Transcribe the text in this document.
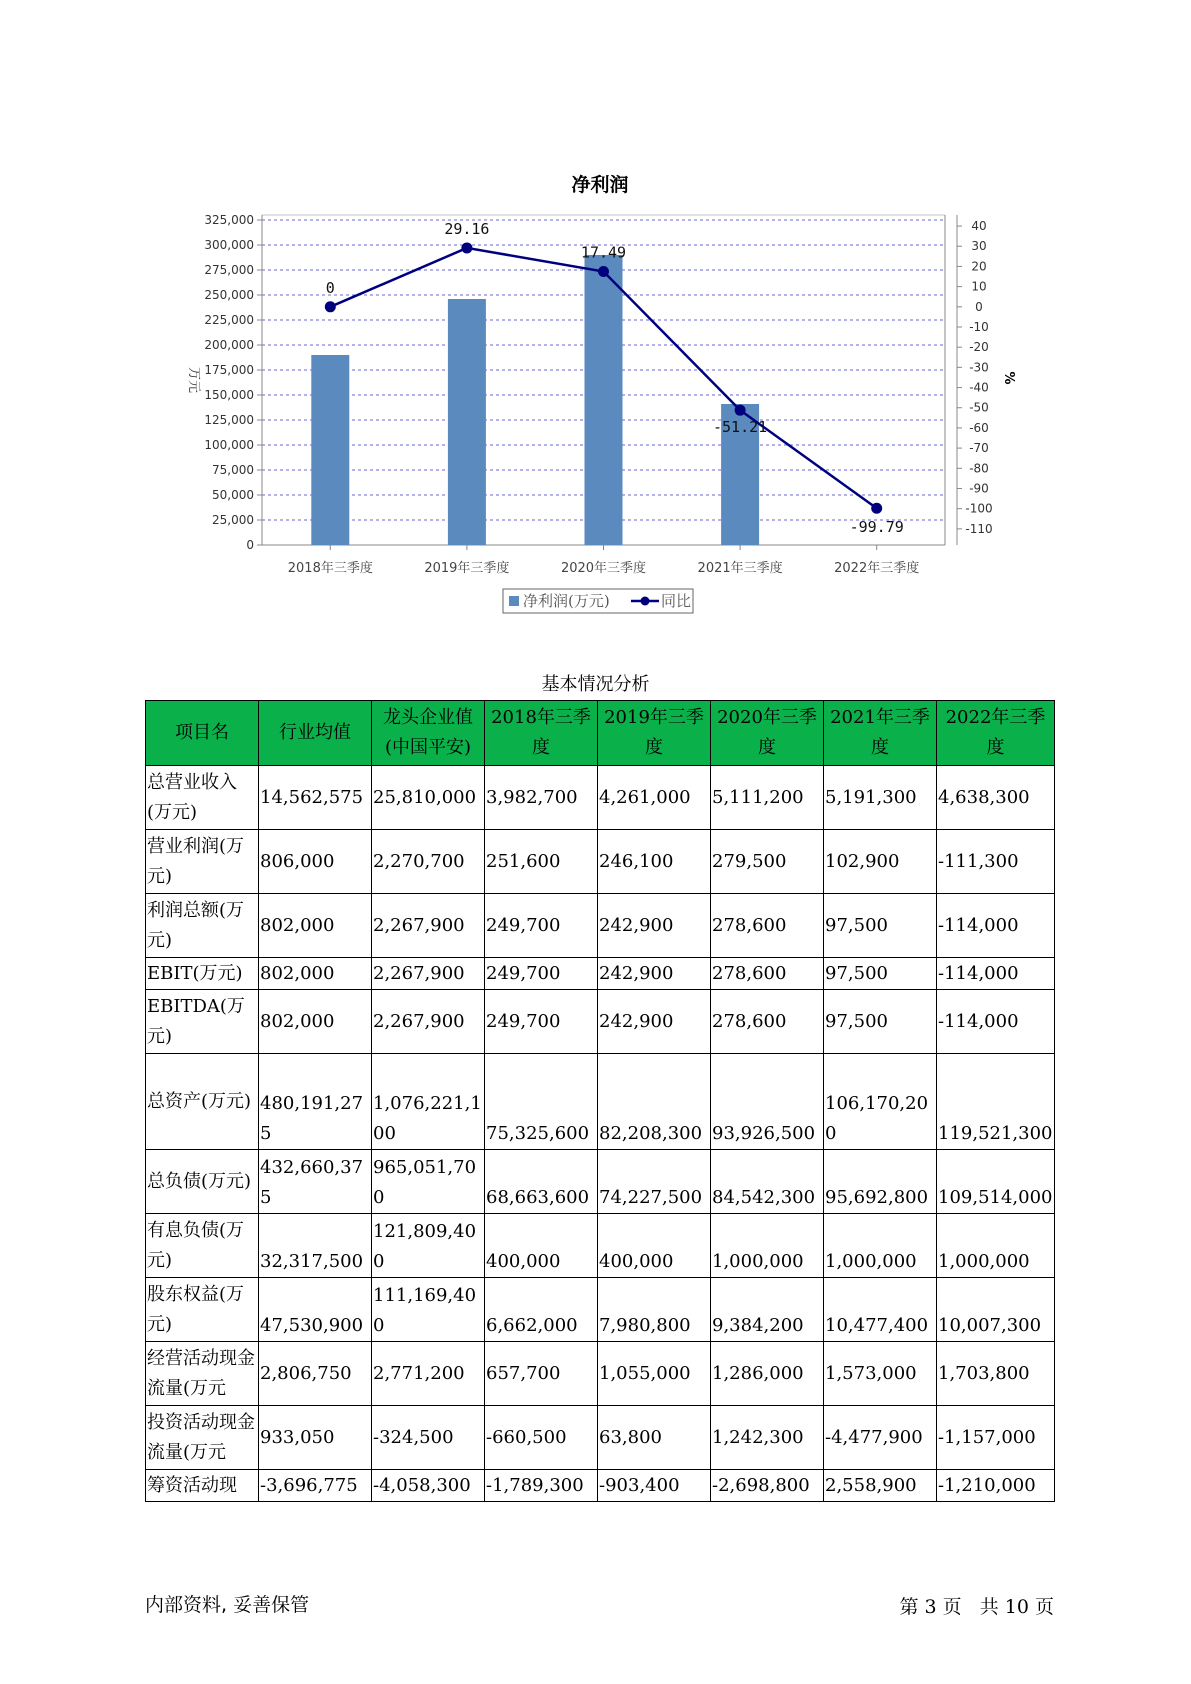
净利润
0
25,000
50,000
75,000
100,000
125,000
150,000
175,000
200,000
225,000
250,000
275,000
300,000
325,000	40
30
20
10
0
-10
-20
-30
-40
-50
-60
-70
-80
-90
-100
-110
万元	%
2018年三季度	2019年三季度	2020年三季度	2021年三季度	2022年三季度
0
29.16
17.49
-51.21
-99.79
净利润(万元)	同比
基本情况分析
项目名	行业均值	龙头企业值(中国平安)	2018年三季度	2019年三季度	2020年三季度	2021年三季度	2022年三季度
总营业收入(万元)	14,562,575	25,810,000	3,982,700	4,261,000	5,111,200	5,191,300	4,638,300
营业利润(万元)	806,000	2,270,700	251,600	246,100	279,500	102,900	-111,300
利润总额(万元)	802,000	2,267,900	249,700	242,900	278,600	97,500	-114,000
EBIT(万元)	802,000	2,267,900	249,700	242,900	278,600	97,500	-114,000
EBITDA(万元)	802,000	2,267,900	249,700	242,900	278,600	97,500	-114,000
总资产(万元)	480,191,275	1,076,221,100	75,325,600	82,208,300	93,926,500	106,170,200	119,521,300
总负债(万元)	432,660,375	965,051,700	68,663,600	74,227,500	84,542,300	95,692,800	109,514,000
有息负债(万元)	32,317,500	121,809,400	400,000	400,000	1,000,000	1,000,000	1,000,000
股东权益(万元)	47,530,900	111,169,400	6,662,000	7,980,800	9,384,200	10,477,400	10,007,300
经营活动现金流量(万元	2,806,750	2,771,200	657,700	1,055,000	1,286,000	1,573,000	1,703,800
投资活动现金流量(万元	933,050	-324,500	-660,500	63,800	1,242,300	-4,477,900	-1,157,000
筹资活动现	-3,696,775	-4,058,300	-1,789,300	-903,400	-2,698,800	2,558,900	-1,210,000
内部资料, 妥善保管	第 3 页   共 10 页
